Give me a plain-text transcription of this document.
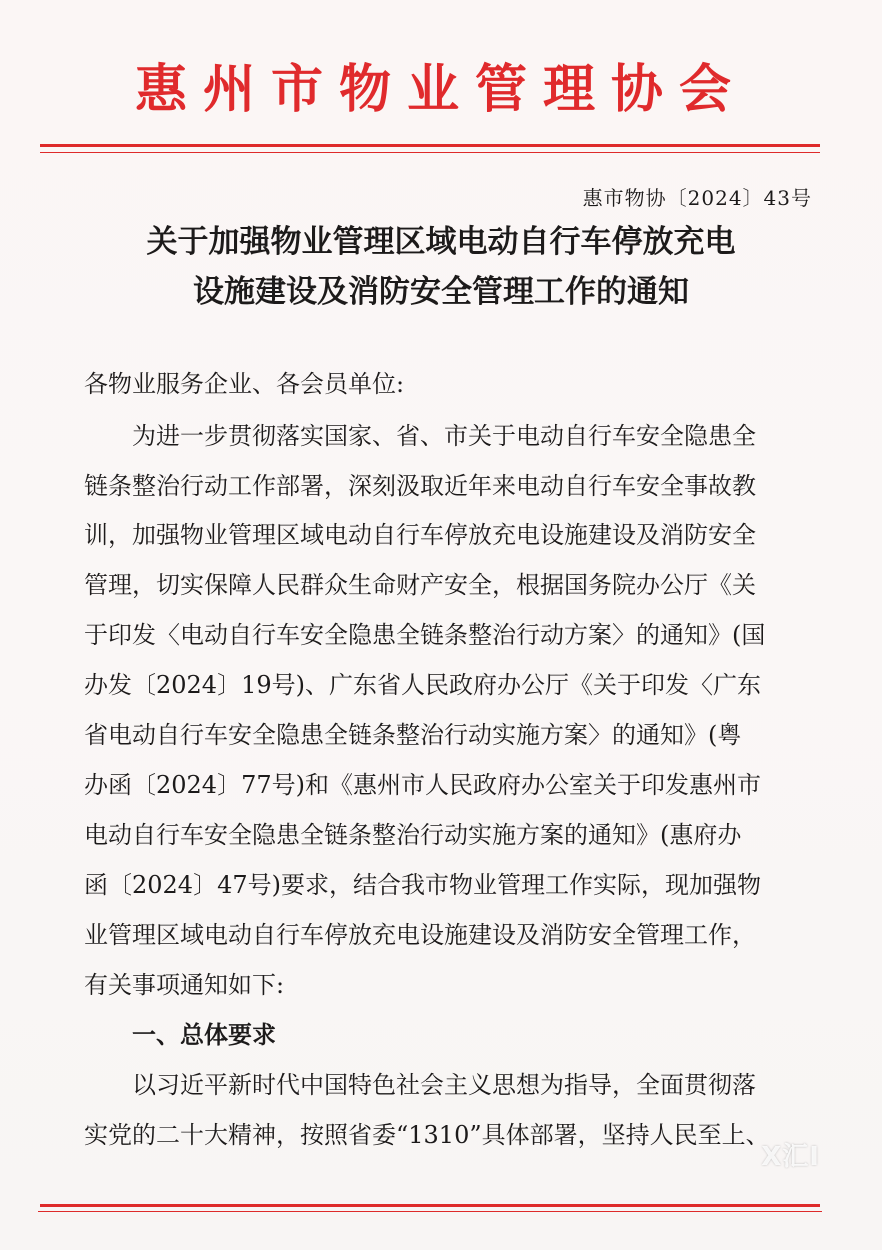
惠州市物业管理协会
惠市物协〔2024〕43号
关于加强物业管理区域电动自行车停放充电
设施建设及消防安全管理工作的通知
各物业服务企业、各会员单位:
为进一步贯彻落实国家、省、市关于电动自行车安全隐患全
链条整治行动工作部署，深刻汲取近年来电动自行车安全事故教
训，加强物业管理区域电动自行车停放充电设施建设及消防安全
管理，切实保障人民群众生命财产安全，根据国务院办公厅《关
于印发〈电动自行车安全隐患全链条整治行动方案〉的通知》(国
办发〔2024〕19号)、广东省人民政府办公厅《关于印发〈广东
省电动自行车安全隐患全链条整治行动实施方案〉的通知》(粤
办函〔2024〕77号)和《惠州市人民政府办公室关于印发惠州市
电动自行车安全隐患全链条整治行动实施方案的通知》(惠府办
函〔2024〕47号)要求，结合我市物业管理工作实际，现加强物
业管理区域电动自行车停放充电设施建设及消防安全管理工作，
有关事项通知如下:
一、总体要求
以习近平新时代中国特色社会主义思想为指导，全面贯彻落
实党的二十大精神，按照省委“1310”具体部署，坚持人民至上、
X汇I
